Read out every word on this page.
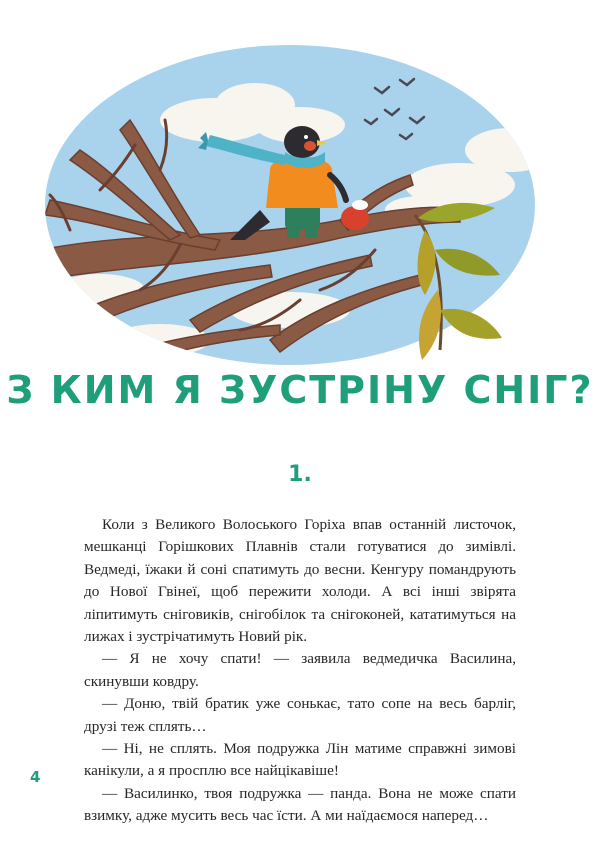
З КИМ Я ЗУСТРІНУ СНІГ?
1.

Коли з Великого Волоського Горіха впав останній листочок, мешканці Горішкових Плавнів стали готуватися до зимівлі. Ведмеді, їжаки й соні спатимуть до весни. Кенгуру помандрують до Нової Гвінеї, щоб пережити холоди. А всі інші звірята ліпитимуть сніговиків, снігобілок та снігоконей, кататимуться на лижах і зустрічатимуть Новий рік.

— Я не хочу спати! — заявила ведмедичка Василина, скинувши ковдру.

— Доню, твій братик уже сонькає, тато сопе на весь барліг, друзі теж сплять…

— Ні, не сплять. Моя подружка Лін матиме справжні зимові канікули, а я просплю все найцікавіше!

— Василинко, твоя подружка — панда. Вона не може спати взимку, адже мусить весь час їсти. А ми наїдаємося наперед…

4
